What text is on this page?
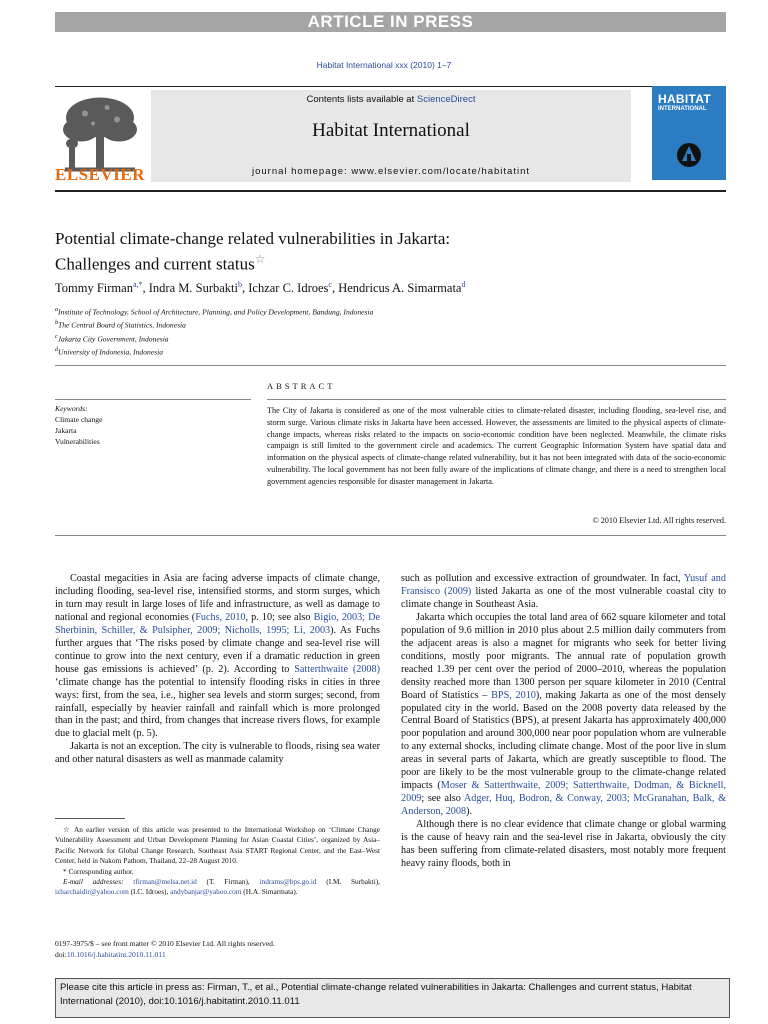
ARTICLE IN PRESS
Habitat International xxx (2010) 1–7
ELSEVIER
Contents lists available at ScienceDirect
Habitat International
journal homepage: www.elsevier.com/locate/habitatint
HABITAT
INTERNATIONAL
Potential climate-change related vulnerabilities in Jakarta:
Challenges and current status☆
Tommy Firman$^{a,*}$, Indra M. Surbakti$^b$, Ichzar C. Idroes$^c$, Hendricus A. Simarmata$^d$
$^a$Institute of Technology, School of Architecture, Planning, and Policy Development, Bandung, Indonesia
$^b$The Central Board of Statistics, Indonesia
$^c$Jakarta City Government, Indonesia
$^d$University of Indonesia, Indonesia
ABSTRACT
Keywords:
Climate change
Jakarta
Vulnerabilities
The City of Jakarta is considered as one of the most vulnerable cities to climate-related disaster, including flooding, sea-level rise, and storm surge. Various climate risks in Jakarta have been accessed. However, the assessments are limited to the physical aspects of climate-change impacts, whereas risks related to the impacts on socio-economic condition have been neglected. Meanwhile, the climate risks campaign is still limited to the government circle and academics. The current Geographic Information System have spatial data and information on the physical aspects of climate-change related vulnerability, but it has not been integrated with data of the socio-economic vulnerability. The local government has not been fully aware of the implications of climate change, and there is a need to strengthen local government agencies responsible for disaster management in Jakarta.
© 2010 Elsevier Ltd. All rights reserved.

Coastal megacities in Asia are facing adverse impacts of climate change, including flooding, sea-level rise, intensified storms, and storm surges, which in turn may result in large loses of life and infrastructure, as well as damage to national and regional economies (Fuchs, 2010, p. 10; see also Bigio, 2003; De Sherbinin, Schiller, & Pulsipher, 2009; Nicholls, 1995; Li, 2003). As Fuchs further argues that ‘The risks posed by climate change and sea-level rise will continue to grow into the next century, even if a dramatic reduction in green house gas emissions is achieved’ (p. 2). According to Satterthwaite (2008) ‘climate change has the potential to intensify flooding risks in cities in three ways: first, from the sea, i.e., higher sea levels and storm surges; second, from rainfall, especially by heavier rainfall and rainfall which is more prolonged than in the past; and third, from changes that increase rivers flows, for example due to glacial melt (p. 5).

Jakarta is not an exception. The city is vulnerable to floods, rising sea water and other natural disasters as well as manmade calamity

☆ An earlier version of this article was presented to the International Workshop on ‘Climate Change Vulnerability Assessment and Urban Development Planning for Asian Coastal Cities’, organized by Asia–Pacific Network for Global Change Research, Southeast Asia START Regional Center, and the East–West Center, held in Nakorn Pathom, Thailand, 22–28 August 2010.

* Corresponding author.

E-mail addresses: tfirman@melsa.net.id (T. Firman), indrams@bps.go.id (I.M. Surbakti), izharchaidir@yahoo.com (I.C. Idroes), andybanjar@yahoo.com (H.A. Simarmata).

0197-3975/$ – see front matter © 2010 Elsevier Ltd. All rights reserved.
doi:10.1016/j.habitatint.2010.11.011

such as pollution and excessive extraction of groundwater. In fact, Yusuf and Fransisco (2009) listed Jakarta as one of the most vulnerable coastal city to climate change in Southeast Asia.

Jakarta which occupies the total land area of 662 square kilometer and total population of 9.6 million in 2010 plus about 2.5 million daily commuters from the adjacent areas is also a magnet for migrants who seek for better living conditions, mostly poor migrants. The annual rate of population growth reached 1.39 per cent over the period of 2000–2010, whereas the population density reached more than 1300 person per square kilometer in 2010 (Central Board of Statistics – BPS, 2010), making Jakarta as one of the most densely populated city in the world. Based on the 2008 poverty data released by the Central Board of Statistics (BPS), at present Jakarta has approximately 400,000 poor population and around 300,000 near poor population whom are vulnerable to any external shocks, including climate change. Most of the poor live in slum areas in several parts of Jakarta, which are greatly susceptible to flood. The poor are likely to be the most vulnerable group to the climate-change related impacts (Moser & Satterthwaite, 2009; Satterthwaite, Dodman, & Bicknell, 2009; see also Adger, Huq, Bodron, & Conway, 2003; McGranahan, Balk, & Anderson, 2008).

Although there is no clear evidence that climate change or global warming is the cause of heavy rain and the sea-level rise in Jakarta, obviously the city has been suffering from climate-related disasters, most notably more frequent heavy rainy floods, both in

Please cite this article in press as: Firman, T., et al., Potential climate-change related vulnerabilities in Jakarta: Challenges and current status, Habitat International (2010), doi:10.1016/j.habitatint.2010.11.011
